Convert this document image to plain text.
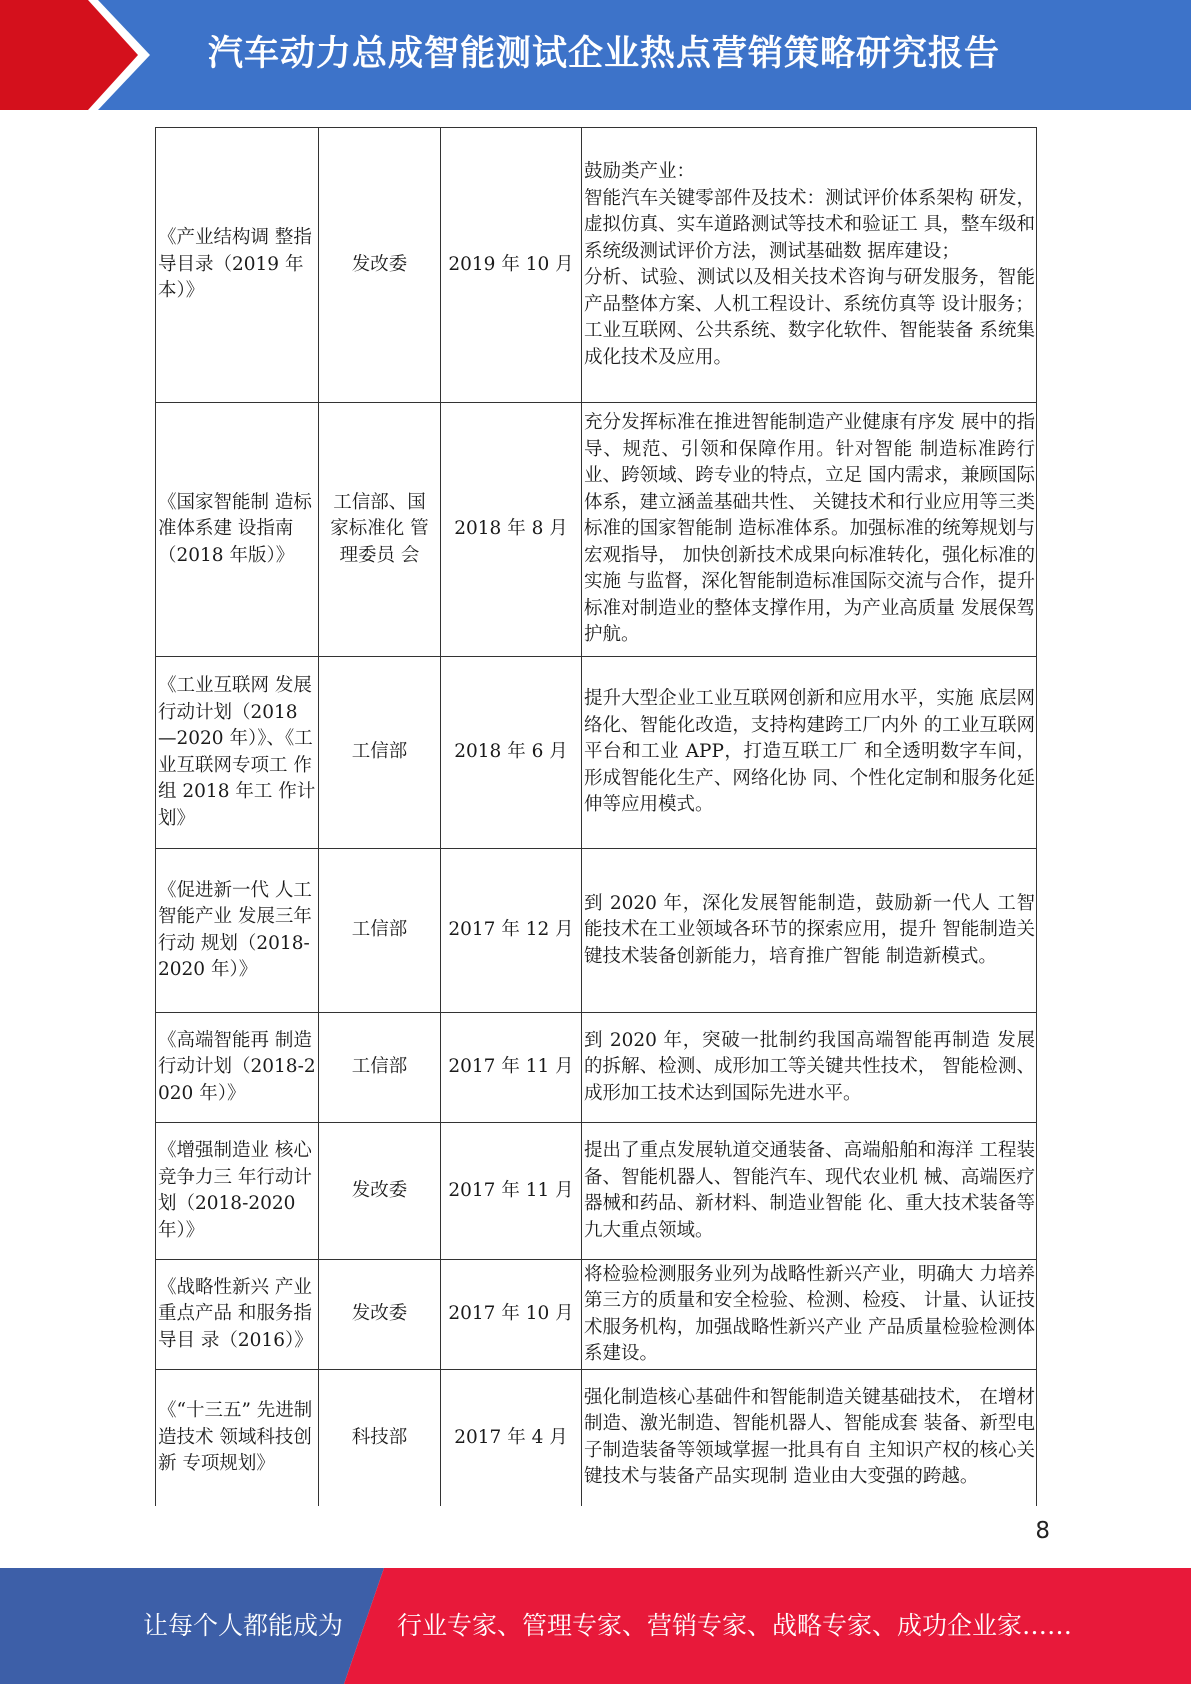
汽车动力总成智能测试企业热点营销策略研究报告
《产业结构调 整指导目录（2019 年本）》	发改委	2019 年 10 月	鼓励类产业：
智能汽车关键零部件及技术：测试评价体系架构 研发，虚拟仿真、实车道路测试等技术和验证工 具，整车级和系统级测试评价方法，测试基础数 据库建设；
分析、试验、测试以及相关技术咨询与研发服务，智能产品整体方案、人机工程设计、系统仿真等 设计服务；
工业互联网、公共系统、数字化软件、智能装备 系统集成化技术及应用。
《国家智能制 造标准体系建 设指南（2018 年版）》	工信部、国家标准化 管理委员 会	2018 年 8 月	充分发挥标准在推进智能制造产业健康有序发 展中的指导、规范、引领和保障作用。针对智能 制造标准跨行业、跨领域、跨专业的特点，立足 国内需求，兼顾国际体系，建立涵盖基础共性、 关键技术和行业应用等三类标准的国家智能制 造标准体系。加强标准的统筹规划与宏观指导， 加快创新技术成果向标准转化，强化标准的实施 与监督，深化智能制造标准国际交流与合作，提升标准对制造业的整体支撑作用，为产业高质量 发展保驾护航。
《工业互联网 发展行动计划（2018—2020 年）》、《工业互联网专项工 作组 2018 年工 作计划》	工信部	2018 年 6 月	提升大型企业工业互联网创新和应用水平，实施 底层网络化、智能化改造，支持构建跨工厂内外 的工业互联网平台和工业 APP，打造互联工厂 和全透明数字车间，形成智能化生产、网络化协 同、个性化定制和服务化延伸等应用模式。
《促进新一代 人工智能产业 发展三年行动 规划（2018-2020 年）》	工信部	2017 年 12 月	到 2020 年，深化发展智能制造，鼓励新一代人 工智能技术在工业领域各环节的探索应用，提升 智能制造关键技术装备创新能力，培育推广智能 制造新模式。
《高端智能再 制造行动计划（2018-2020 年）》	工信部	2017 年 11 月	到 2020 年，突破一批制约我国高端智能再制造 发展的拆解、检测、成形加工等关键共性技术， 智能检测、成形加工技术达到国际先进水平。
《增强制造业 核心竞争力三 年行动计划（2018-2020 年）》	发改委	2017 年 11 月	提出了重点发展轨道交通装备、高端船舶和海洋 工程装备、智能机器人、智能汽车、现代农业机 械、高端医疗器械和药品、新材料、制造业智能 化、重大技术装备等九大重点领域。
《战略性新兴 产业重点产品 和服务指导目 录（2016）》	发改委	2017 年 10 月	将检验检测服务业列为战略性新兴产业，明确大 力培养第三方的质量和安全检验、检测、检疫、 计量、认证技术服务机构，加强战略性新兴产业 产品质量检验检测体系建设。
《“十三五” 先进制造技术 领域科技创新 专项规划》	科技部	2017 年 4 月	强化制造核心基础件和智能制造关键基础技术， 在增材制造、激光制造、智能机器人、智能成套 装备、新型电子制造装备等领域掌握一批具有自 主知识产权的核心关键技术与装备产品实现制 造业由大变强的跨越。
8
让每个人都能成为 行业专家、管理专家、营销专家、战略专家、成功企业家……
